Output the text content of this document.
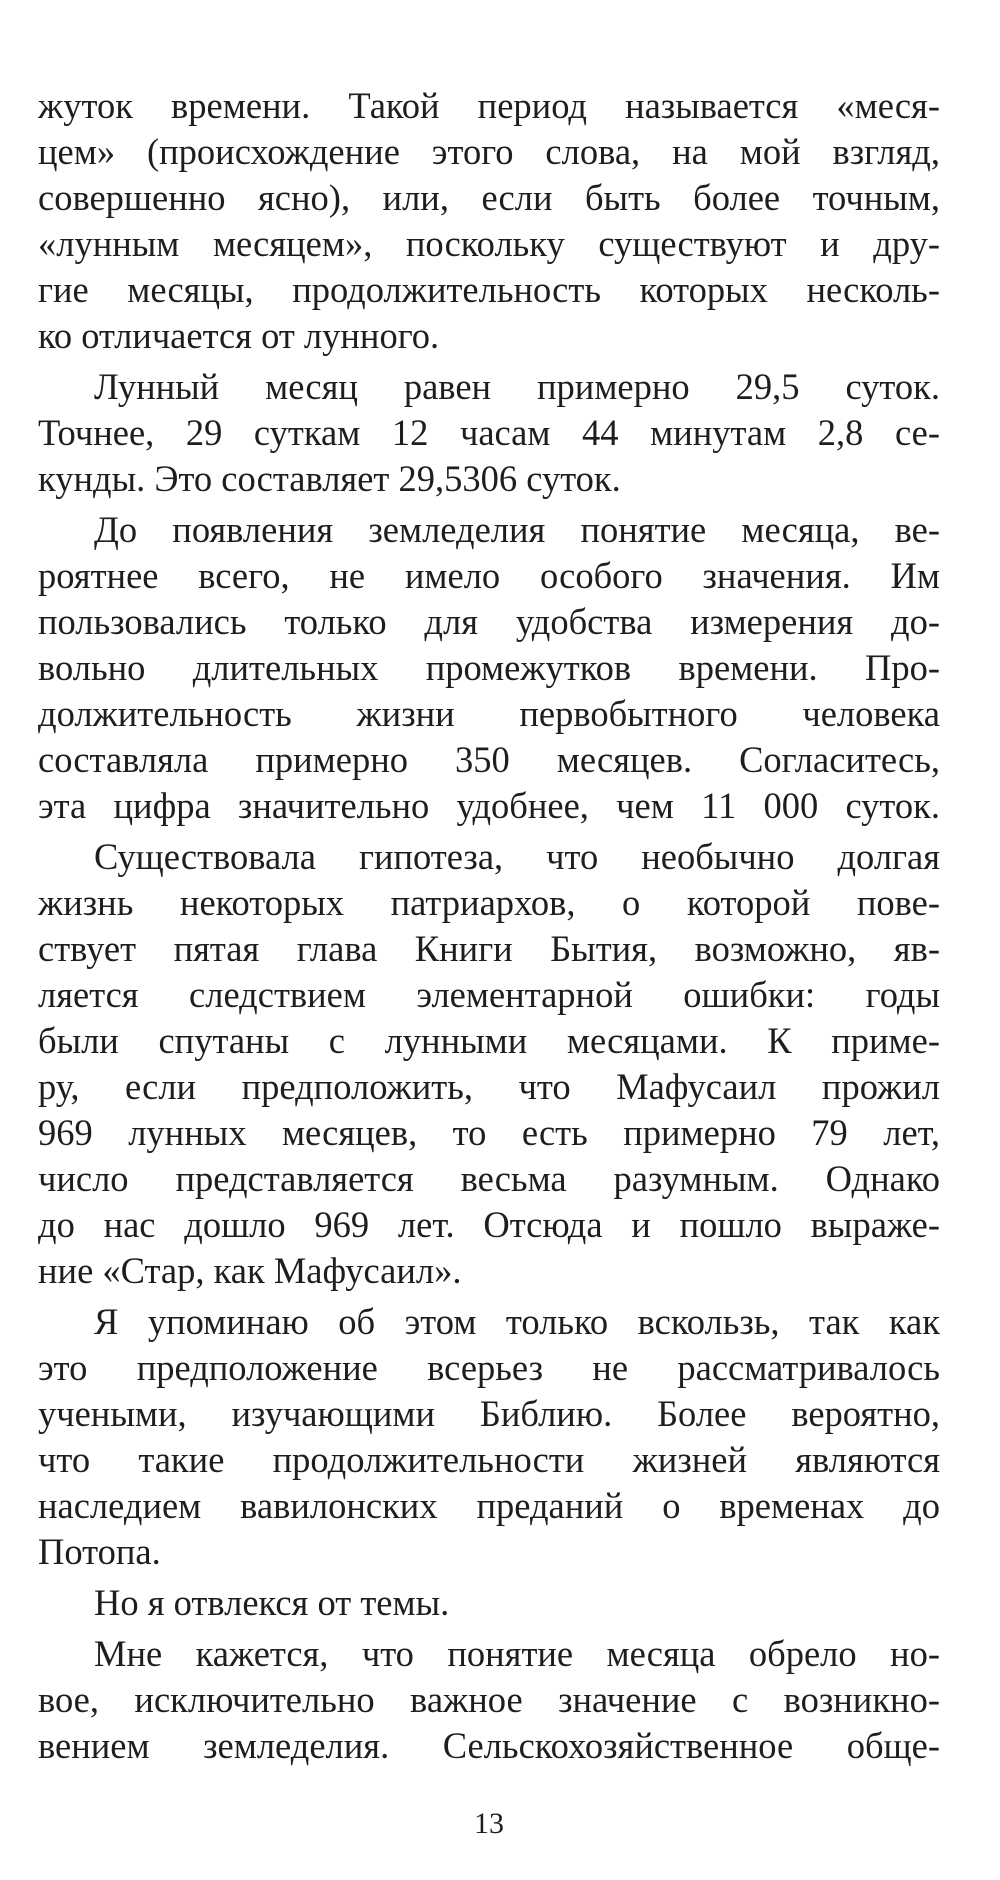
жуток времени. Такой период называется «меся-
цем» (происхождение этого слова, на мой взгляд,
совершенно ясно), или, если быть более точным,
«лунным месяцем», поскольку существуют и дру-
гие месяцы, продолжительность которых несколь-
ко отличается от лунного.
Лунный месяц равен примерно 29,5 суток.
Точнее, 29 суткам 12 часам 44 минутам 2,8 се-
кунды. Это составляет 29,5306 суток.
До появления земледелия понятие месяца, ве-
роятнее всего, не имело особого значения. Им
пользовались только для удобства измерения до-
вольно длительных промежутков времени. Про-
должительность жизни первобытного человека
составляла примерно 350 месяцев. Согласитесь,
эта цифра значительно удобнее, чем 11 000 суток.
Существовала гипотеза, что необычно долгая
жизнь некоторых патриархов, о которой пове-
ствует пятая глава Книги Бытия, возможно, яв-
ляется следствием элементарной ошибки: годы
были спутаны с лунными месяцами. К приме-
ру, если предположить, что Мафусаил прожил
969 лунных месяцев, то есть примерно 79 лет,
число представляется весьма разумным. Однако
до нас дошло 969 лет. Отсюда и пошло выраже-
ние «Стар, как Мафусаил».
Я упоминаю об этом только вскользь, так как
это предположение всерьез не рассматривалось
учеными, изучающими Библию. Более вероятно,
что такие продолжительности жизней являются
наследием вавилонских преданий о временах до
Потопа.
Но я отвлекся от темы.
Мне кажется, что понятие месяца обрело но-
вое, исключительно важное значение с возникно-
вением земледелия. Сельскохозяйственное обще-
13
